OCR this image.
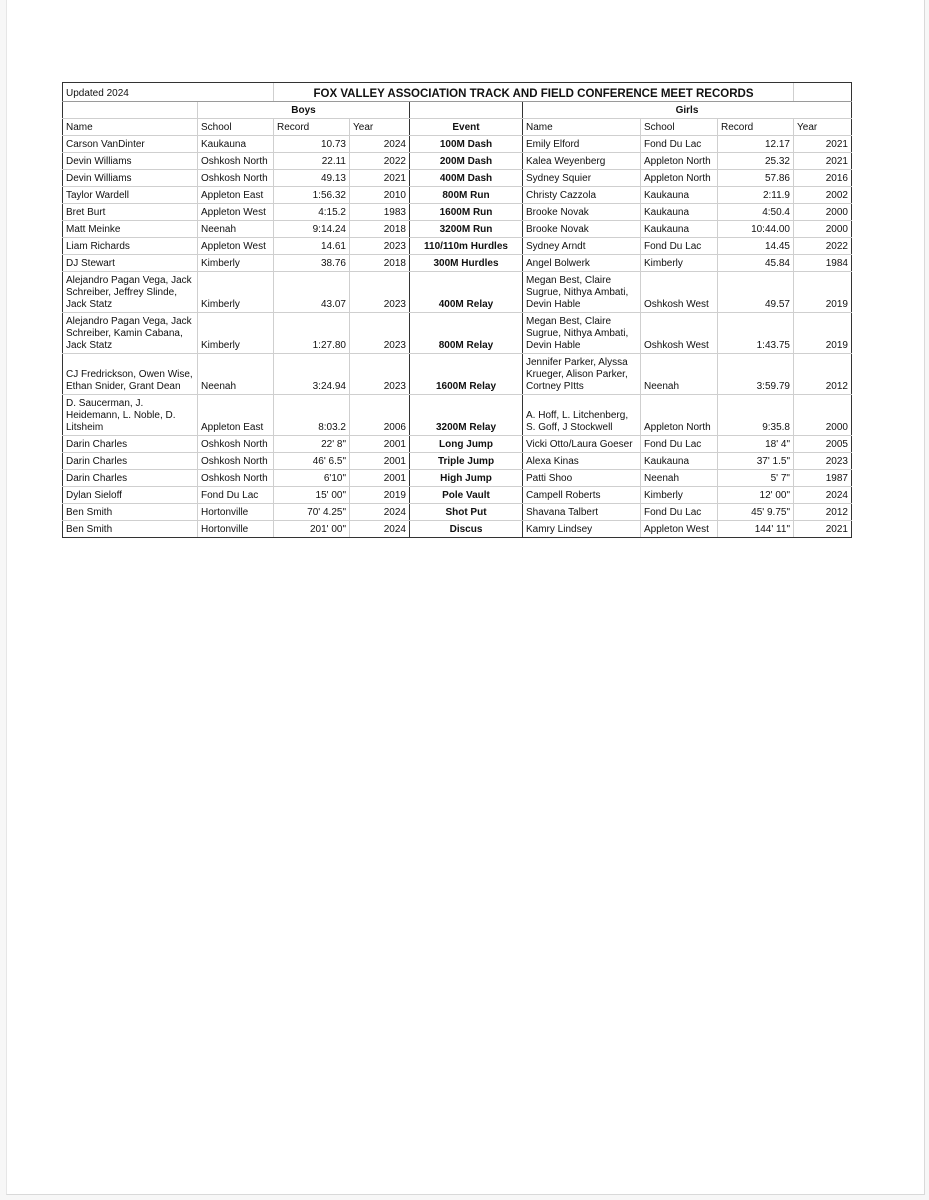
Updated 2024		FOX VALLEY ASSOCIATION TRACK AND FIELD CONFERENCE MEET RECORDS						
	Boys				Girls			
Name	School	Record	Year	Event	Name	School	Record	Year
Carson VanDinter	Kaukauna	10.73	2024	100M Dash	Emily Elford	Fond Du Lac	12.17	2021
Devin Williams	Oshkosh North	22.11	2022	200M Dash	Kalea Weyenberg	Appleton North	25.32	2021
Devin Williams	Oshkosh North	49.13	2021	400M Dash	Sydney Squier	Appleton North	57.86	2016
Taylor Wardell	Appleton East	1:56.32	2010	800M Run	Christy Cazzola	Kaukauna	2:11.9	2002
Bret Burt	Appleton West	4:15.2	1983	1600M Run	Brooke Novak	Kaukauna	4:50.4	2000
Matt Meinke	Neenah	9:14.24	2018	3200M Run	Brooke Novak	Kaukauna	10:44.00	2000
Liam Richards	Appleton West	14.61	2023	110/110m Hurdles	Sydney Arndt	Fond Du Lac	14.45	2022
DJ Stewart	Kimberly	38.76	2018	300M Hurdles	Angel Bolwerk	Kimberly	45.84	1984
Alejandro Pagan Vega, Jack Schreiber, Jeffrey Slinde, Jack Statz	Kimberly	43.07	2023	400M Relay	Megan Best, Claire Sugrue, Nithya Ambati, Devin Hable	Oshkosh West	49.57	2019
Alejandro Pagan Vega, Jack Schreiber, Kamin Cabana, Jack Statz	Kimberly	1:27.80	2023	800M Relay	Megan Best, Claire Sugrue, Nithya Ambati, Devin Hable	Oshkosh West	1:43.75	2019
CJ Fredrickson, Owen Wise, Ethan Snider, Grant Dean	Neenah	3:24.94	2023	1600M Relay	Jennifer Parker, Alyssa Krueger, Alison Parker, Cortney PItts	Neenah	3:59.79	2012
D. Saucerman, J. Heidemann, L. Noble, D. Litsheim	Appleton East	8:03.2	2006	3200M Relay	A. Hoff, L. Litchenberg, S. Goff, J Stockwell	Appleton North	9:35.8	2000
Darin Charles	Oshkosh North	22' 8"	2001	Long Jump	Vicki Otto/Laura Goeser	Fond Du Lac	18' 4"	2005
Darin Charles	Oshkosh North	46' 6.5"	2001	Triple Jump	Alexa Kinas	Kaukauna	37' 1.5"	2023
Darin Charles	Oshkosh North	6'10"	2001	High Jump	Patti Shoo	Neenah	5' 7"	1987
Dylan Sieloff	Fond Du Lac	15' 00"	2019	Pole Vault	Campell Roberts	Kimberly	12' 00"	2024
Ben Smith	Hortonville	70' 4.25"	2024	Shot Put	Shavana Talbert	Fond Du Lac	45' 9.75"	2012
Ben Smith	Hortonville	201' 00"	2024	Discus	Kamry Lindsey	Appleton West	144' 11"	2021
